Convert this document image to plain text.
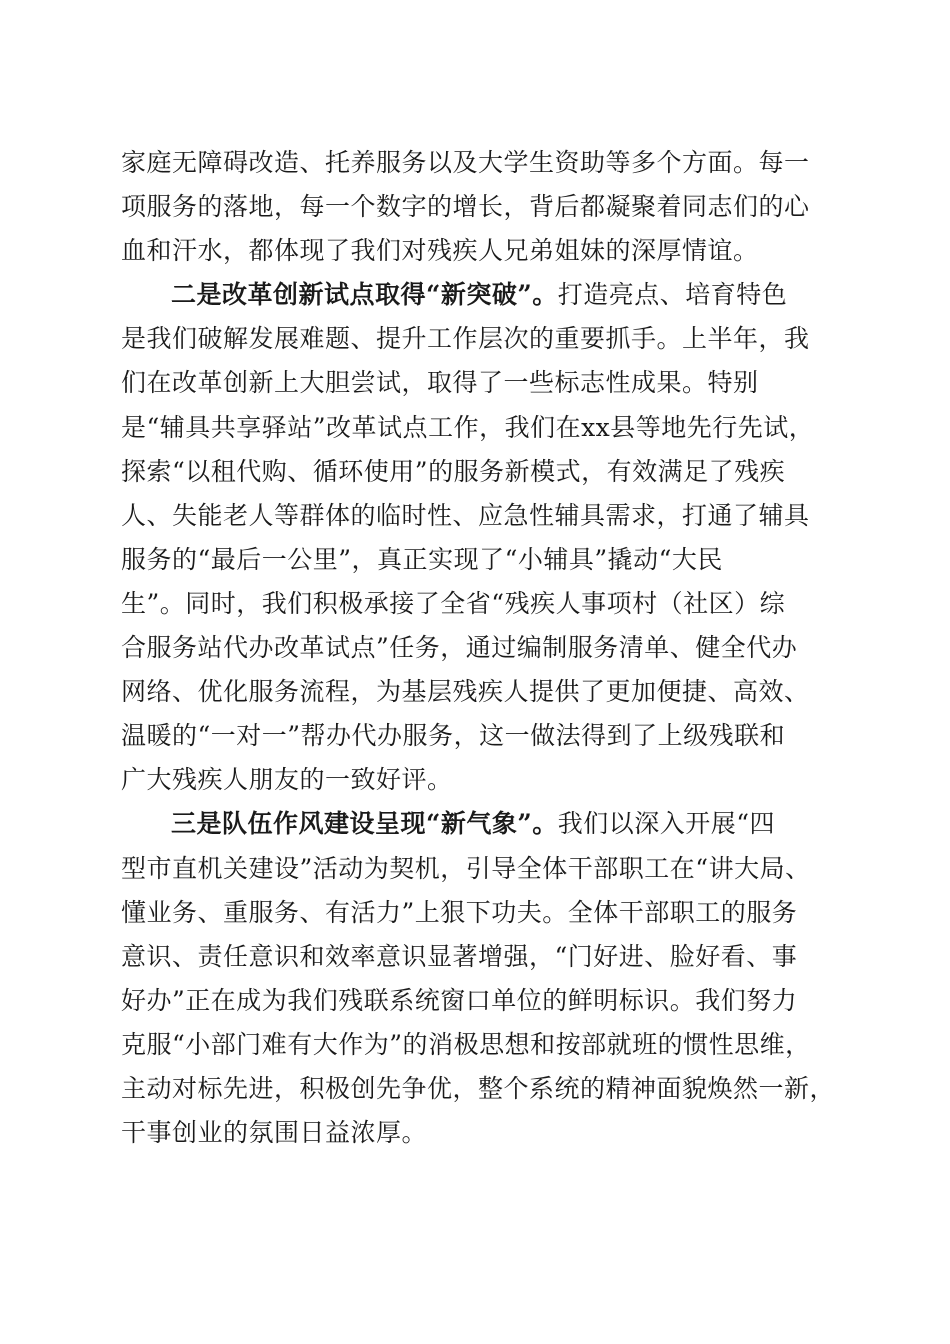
家庭无障碍改造、托养服务以及大学生资助等多个方面。每一
项服务的落地，每一个数字的增长，背后都凝聚着同志们的心
血和汗水，都体现了我们对残疾人兄弟姐妹的深厚情谊。
二是改革创新试点取得“新突破”。打造亮点、培育特色
是我们破解发展难题、提升工作层次的重要抓手。上半年，我
们在改革创新上大胆尝试，取得了一些标志性成果。特别
是“辅具共享驿站”改革试点工作，我们在xx县等地先行先试，
探索“以租代购、循环使用”的服务新模式，有效满足了残疾
人、失能老人等群体的临时性、应急性辅具需求，打通了辅具
服务的“最后一公里”，真正实现了“小辅具”撬动“大民
生”。同时，我们积极承接了全省“残疾人事项村（社区）综
合服务站代办改革试点”任务，通过编制服务清单、健全代办
网络、优化服务流程，为基层残疾人提供了更加便捷、高效、
温暖的“一对一”帮办代办服务，这一做法得到了上级残联和
广大残疾人朋友的一致好评。
三是队伍作风建设呈现“新气象”。我们以深入开展“四
型市直机关建设”活动为契机，引导全体干部职工在“讲大局、
懂业务、重服务、有活力”上狠下功夫。全体干部职工的服务
意识、责任意识和效率意识显著增强，“门好进、脸好看、事
好办”正在成为我们残联系统窗口单位的鲜明标识。我们努力
克服“小部门难有大作为”的消极思想和按部就班的惯性思维，
主动对标先进，积极创先争优，整个系统的精神面貌焕然一新，
干事创业的氛围日益浓厚。
